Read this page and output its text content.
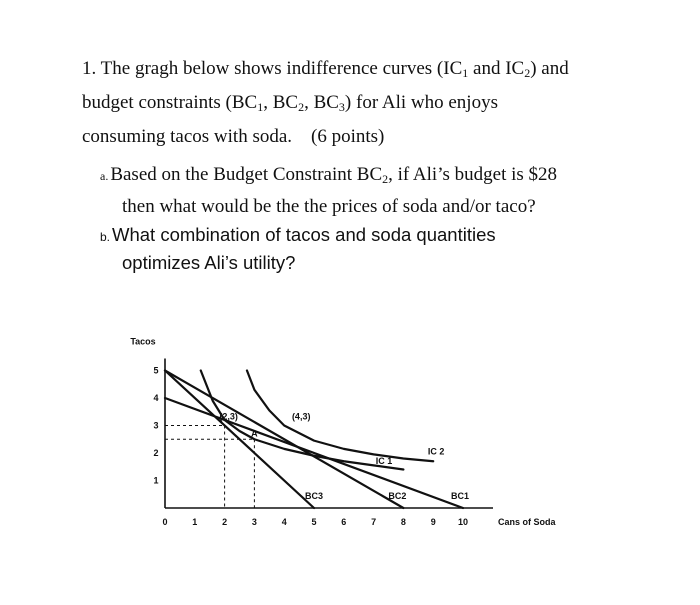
1. The gragh below shows indifference curves ($IC_1$ and $IC_2$) and

budget constraints ($BC_1$, $BC_2$, $BC_3$) for Ali who enjoys

consuming tacos with soda. (6 points)

a. Based on the Budget Constraint $BC_2$, if Ali’s budget is $28
then what would be the the prices of soda and/or taco?
b. What combination of tacos and soda quantities
optimizes Ali’s utility?
Tacos
Cans of Soda
0	1	2	3	4	5	6	7	8	9 10
1
2
3
4
5
BC1
BC2
BC3
IC 1
IC 2
(2,3)
A
(4,3)
